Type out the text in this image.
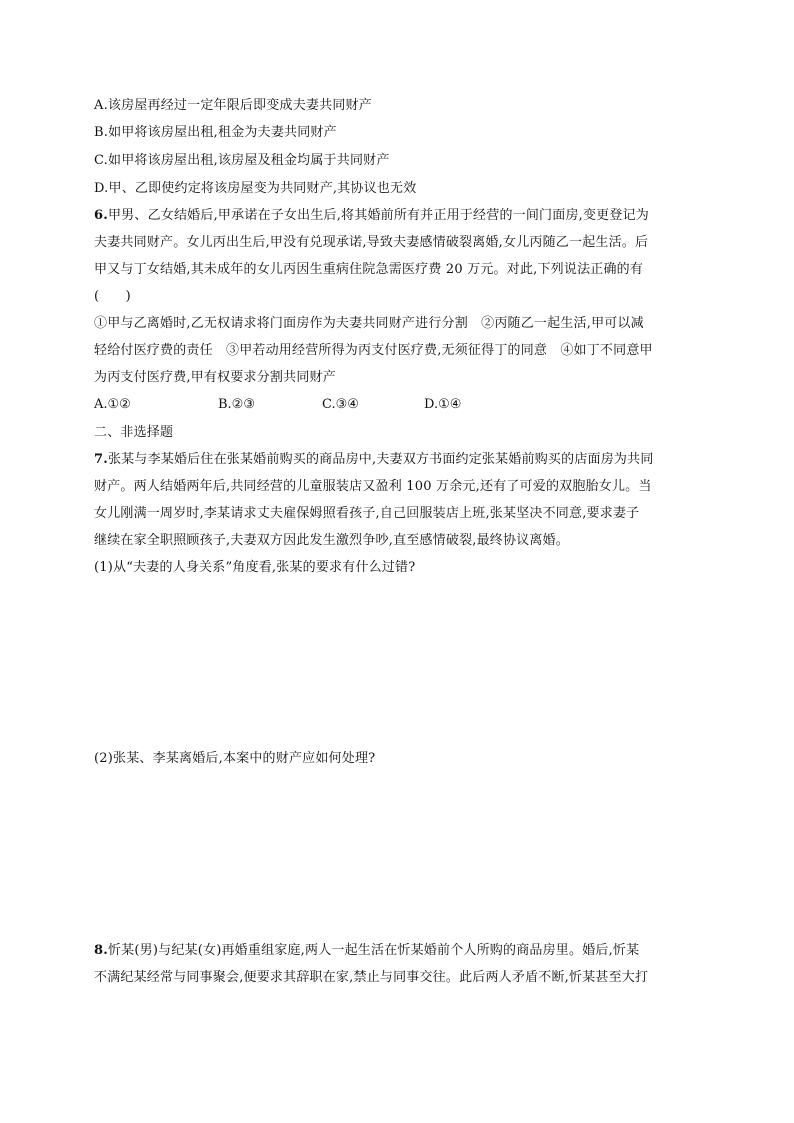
A.该房屋再经过一定年限后即变成夫妻共同财产
B.如甲将该房屋出租,租金为夫妻共同财产
C.如甲将该房屋出租,该房屋及租金均属于共同财产
D.甲、乙即使约定将该房屋变为共同财产,其协议也无效
6.甲男、乙女结婚后,甲承诺在子女出生后,将其婚前所有并正用于经营的一间门面房,变更登记为
夫妻共同财产。女儿丙出生后,甲没有兑现承诺,导致夫妻感情破裂离婚,女儿丙随乙一起生活。后
甲又与丁女结婚,其未成年的女儿丙因生重病住院急需医疗费 20 万元。对此,下列说法正确的有
(　　)
①甲与乙离婚时,乙无权请求将门面房作为夫妻共同财产进行分割　②丙随乙一起生活,甲可以减
轻给付医疗费的责任　③甲若动用经营所得为丙支付医疗费,无须征得丁的同意　④如丁不同意甲
为丙支付医疗费,甲有权要求分割共同财产
A.①②	B.②③	C.③④	D.①④
二、非选择题
7.张某与李某婚后住在张某婚前购买的商品房中,夫妻双方书面约定张某婚前购买的店面房为共同
财产。两人结婚两年后,共同经营的儿童服装店又盈利 100 万余元,还有了可爱的双胞胎女儿。当
女儿刚满一周岁时,李某请求丈夫雇保姆照看孩子,自己回服装店上班,张某坚决不同意,要求妻子
继续在家全职照顾孩子,夫妻双方因此发生激烈争吵,直至感情破裂,最终协议离婚。
(1)从“夫妻的人身关系”角度看,张某的要求有什么过错?
(2)张某、李某离婚后,本案中的财产应如何处理?
8.忻某(男)与纪某(女)再婚重组家庭,两人一起生活在忻某婚前个人所购的商品房里。婚后,忻某
不满纪某经常与同事聚会,便要求其辞职在家,禁止与同事交往。此后两人矛盾不断,忻某甚至大打
